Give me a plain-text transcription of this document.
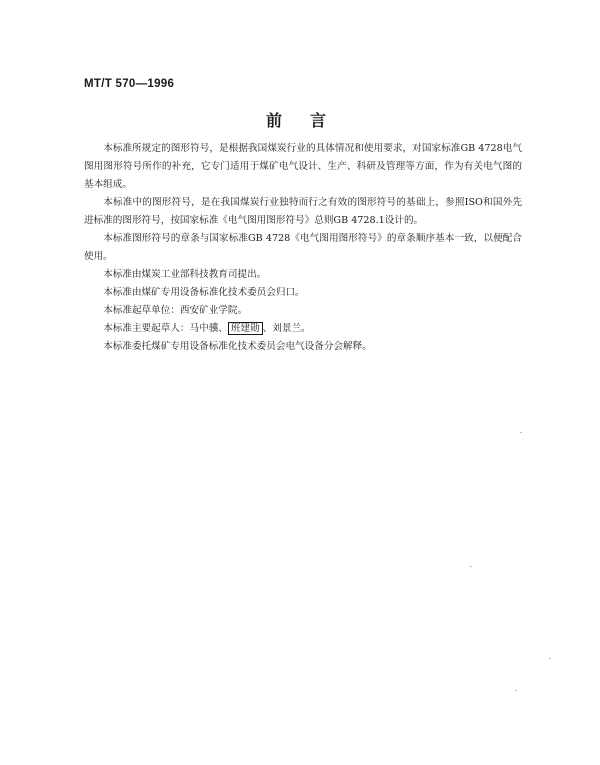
MT/T 570—1996
前言

本标准所规定的图形符号，是根据我国煤炭行业的具体情况和使用要求，对国家标准GB 4728电气图用图形符号所作的补充，它专门适用于煤矿电气设计、生产、科研及管理等方面，作为有关电气图的基本组成。

本标准中的图形符号，是在我国煤炭行业独特而行之有效的图形符号的基础上，参照ISO和国外先进标准的图形符号，按国家标准《电气图用图形符号》总则GB 4728.1设计的。

本标准图形符号的章条与国家标准GB 4728《电气图用图形符号》的章条顺序基本一致，以便配合使用。

本标准由煤炭工业部科技教育司提出。

本标准由煤矿专用设备标准化技术委员会归口。

本标准起草单位：西安矿业学院。

本标准主要起草人：马中骥、 班建勋 、刘景兰。

本标准委托煤矿专用设备标准化技术委员会电气设备分会解释。
